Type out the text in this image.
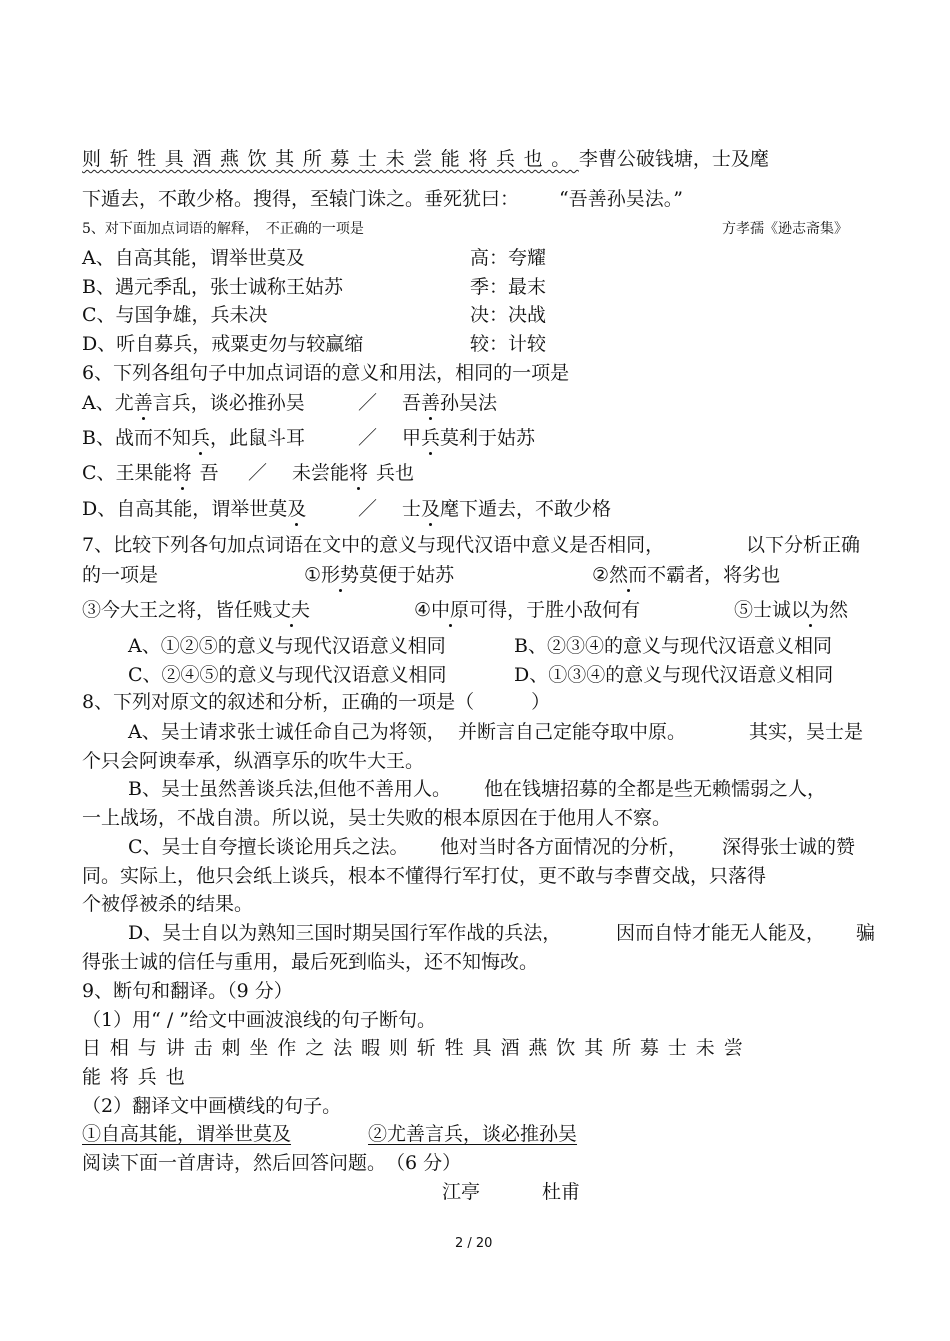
则斩牲具酒燕饮其所募士未尝能将兵也。李曹公破钱塘，士及麾
下遁去，不敢少格。搜得，至辕门诛之。垂死犹曰： “吾善孙吴法。”
5、对下面加点词语的解释，　不正确的一项是	方孝孺《逊志斋集》
A、自高其能，谓举世莫及	高：夸耀
B、遇元季乱，张士诚称王姑苏	季：最末
C、与国争雄，兵未决	决：决战
D、听自募兵，戒粟吏勿与较赢缩	较：计较
6、下列各组句子中加点词语的意义和用法，相同的一项是
A、尤善言兵，谈必推孙吴	／ 吾善孙吴法
B、战而不知兵，此鼠斗耳	／ 甲兵莫利于姑苏
C、王果能将 吾 ／ 未尝能将 兵也
D、自高其能，谓举世莫及	／ 士及麾下遁去，不敢少格
7、比较下列各句加点词语在文中的意义与现代汉语中意义是否相同，	以下分析正确
的一项是	①形势莫便于姑苏	②然而不霸者，将劣也
③今大王之将，皆任贱丈夫	④中原可得，于胜小敌何有	⑤士诚以为然
A、①②⑤的意义与现代汉语意义相同	B、②③④的意义与现代汉语意义相同
C、②④⑤的意义与现代汉语意义相同	D、①③④的意义与现代汉语意义相同
8、下列对原文的叙述和分析，正确的一项是（　　　）
A、吴士请求张士诚任命自己为将领， 并断言自己定能夺取中原。	其实，吴士是
个只会阿谀奉承，纵酒享乐的吹牛大王。
B、吴士虽然善谈兵法，
但他不善用人。 他在钱塘招募的全都是些无赖懦弱之人，
一上战场，不战自溃。所以说，吴士失败的根本原因在于他用人不察。
C、吴士自夸擅长谈论用兵之法。 他对当时各方面情况的分析， 深得张士诚的赞
同。实际上，他只会纸上谈兵，根本不懂得行军打仗，更不敢与李曹交战，只落得
个被俘被杀的结果。
D、吴士自以为熟知三国时期吴国行军作战的兵法，	因而自恃才能无人能及， 骗
得张士诚的信任与重用，最后死到临头，还不知悔改。
9、断句和翻译。（9 分）
（1）用“ / ”给文中画波浪线的句子断句。
日相与讲击刺坐作之法暇则斩牲具酒燕饮其所募士未尝
能将兵也
（2）翻译文中画横线的句子。
①自高其能，谓举世莫及	②尤善言兵，谈必推孙吴
阅读下面一首唐诗，然后回答问题。　（6 分）
江亭	杜甫
2 / 20
